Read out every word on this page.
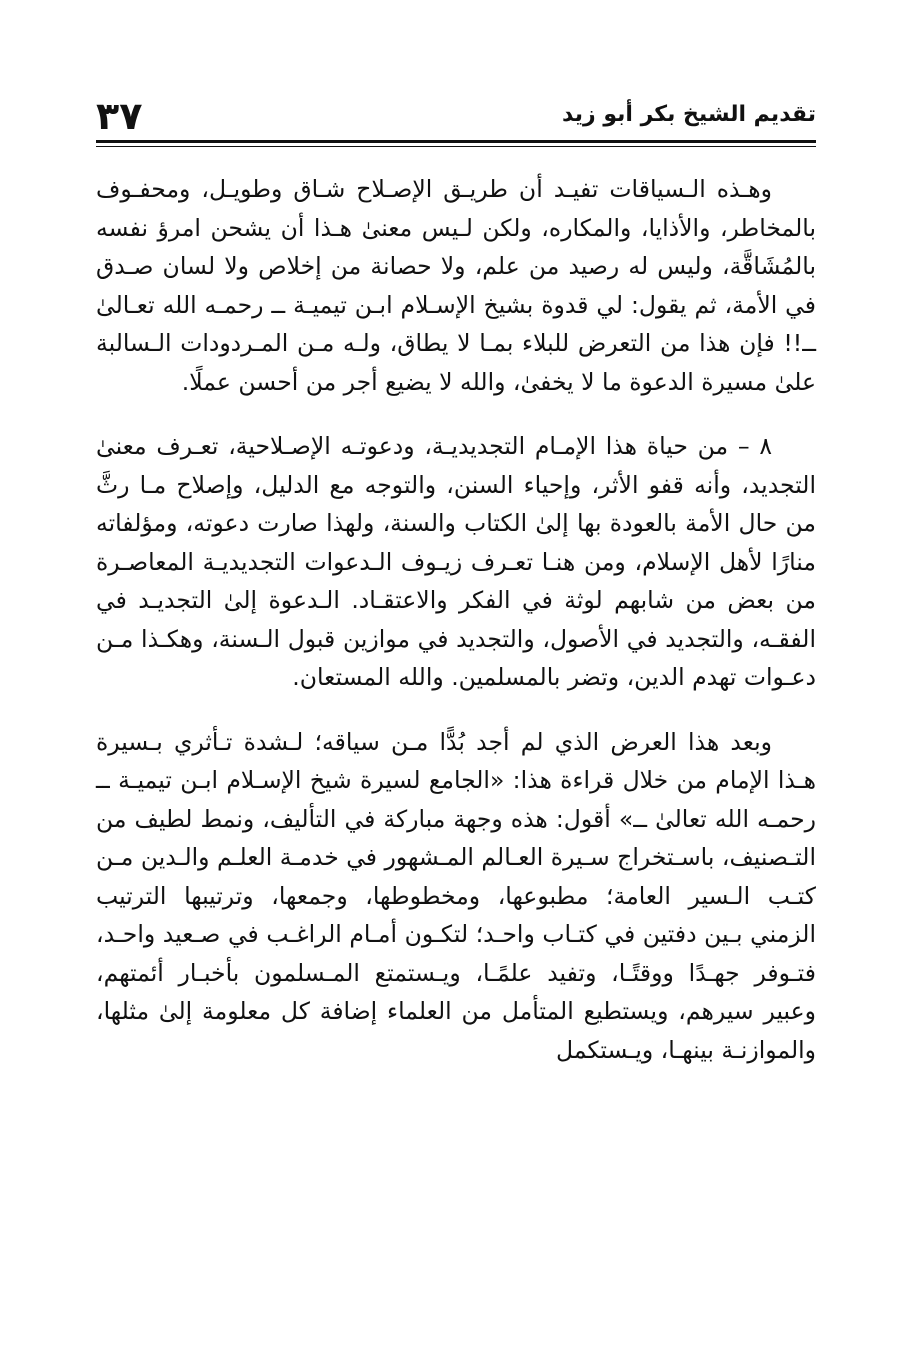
تقديم الشيخ بكر أبو زيد
٣٧

وهـذه الـسياقات تفيـد أن طريـق الإصـلاح شـاق وطويـل، ومحفـوف بالمخاطر، والأذايا، والمكاره، ولكن لـيس معنىٰ هـذا أن يشحن امرؤ نفسه بالمُشَاقَّة، وليس له رصيد من علم، ولا حصانة من إخلاص ولا لسان صـدق في الأمة، ثم يقول: لي قدوة بشيخ الإسـلام ابـن تيميـة ــ رحمـه الله تعـالىٰ ــ!! فإن هذا من التعرض للبلاء بمـا لا يطاق، ولـه مـن المـردودات الـسالبة علىٰ مسيرة الدعوة ما لا يخفىٰ، والله لا يضيع أجر من أحسن عملًا.

٨ – من حياة هذا الإمـام التجديديـة، ودعوتـه الإصـلاحية، تعـرف معنىٰ التجديد، وأنه قفو الأثر، وإحياء السنن، والتوجه مع الدليل، وإصلاح مـا رثَّ من حال الأمة بالعودة بها إلىٰ الكتاب والسنة، ولهذا صارت دعوته، ومؤلفاته منارًا لأهل الإسلام، ومن هنـا تعـرف زيـوف الـدعوات التجديديـة المعاصـرة من بعض من شابهم لوثة في الفكر والاعتقـاد. الـدعوة إلىٰ التجديـد في الفقـه، والتجديد في الأصول، والتجديد في موازين قبول الـسنة، وهكـذا مـن دعـوات تهدم الدين، وتضر بالمسلمين. والله المستعان.

وبعد هذا العرض الذي لم أجد بُدًّا مـن سياقه؛ لـشدة تـأثري بـسيرة هـذا الإمام من خلال قراءة هذا: «الجامع لسيرة شيخ الإسـلام ابـن تيميـة ــ رحمـه الله تعالىٰ ــ» أقول: هذه وجهة مباركة في التأليف، ونمط لطيف من التـصنيف، باسـتخراج سـيرة العـالم المـشهور في خدمـة العلـم والـدين مـن كتـب الـسير العامة؛ مطبوعها، ومخطوطها، وجمعها، وترتيبها الترتيب الزمني بـين دفتين في كتـاب واحـد؛ لتكـون أمـام الراغـب في صـعيد واحـد، فتـوفر جهـدًا ووقتًـا، وتفيد علمًـا، ويـستمتع المـسلمون بأخبـار أئمتهم، وعبير سيرهم، ويستطيع المتأمل من العلماء إضافة كل معلومة إلىٰ مثلها، والموازنـة بينهـا، ويـستكمل
